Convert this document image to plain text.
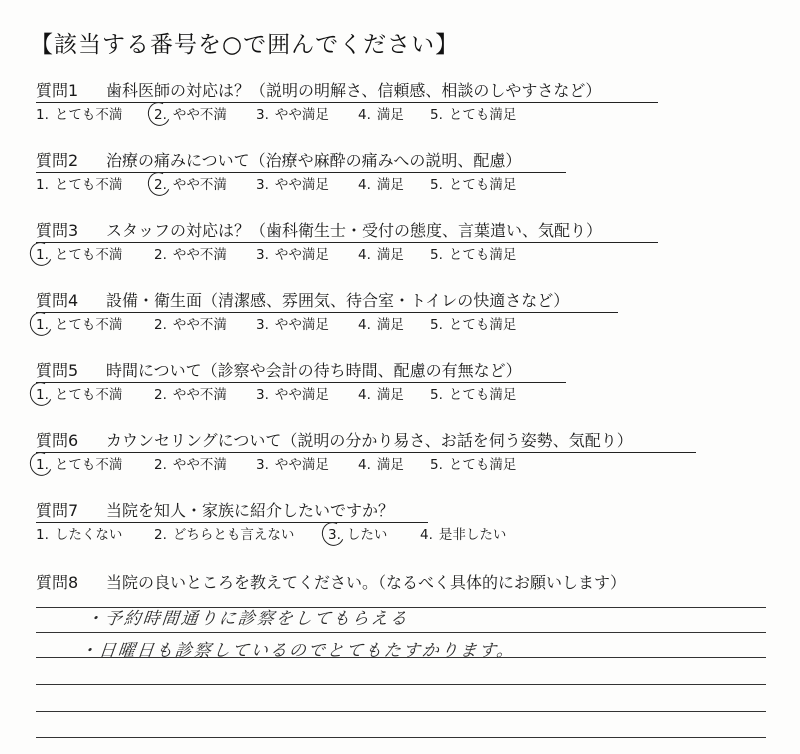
【該当する番号を○で囲んでください】
質問1 歯科医師の対応は？（説明の明解さ、信頼感、相談のしやすさなど）
1. とても不満 2. やや不満 3. やや満足 4. 満足 5. とても満足
質問2 治療の痛みについて（治療や麻酔の痛みへの説明、配慮）
1. とても不満 2. やや不満 3. やや満足 4. 満足 5. とても満足
質問3 スタッフの対応は？（歯科衛生士・受付の態度、言葉遣い、気配り）
1. とても不満 2. やや不満 3. やや満足 4. 満足 5. とても満足
質問4 設備・衛生面（清潔感、雰囲気、待合室・トイレの快適さなど）
1. とても不満 2. やや不満 3. やや満足 4. 満足 5. とても満足
質問5 時間について（診察や会計の待ち時間、配慮の有無など）
1. とても不満 2. やや不満 3. やや満足 4. 満足 5. とても満足
質問6 カウンセリングについて（説明の分かり易さ、お話を伺う姿勢、気配り）
1. とても不満 2. やや不満 3. やや満足 4. 満足 5. とても満足
質問7 当院を知人・家族に紹介したいですか？
1. したくない 2. どちらとも言えない 3. したい 4. 是非したい
質問8 当院の良いところを教えてください。（なるべく具体的にお願いします）
・予約時間通りに診察をしてもらえる
・日曜日も診察しているのでとてもたすかります。
